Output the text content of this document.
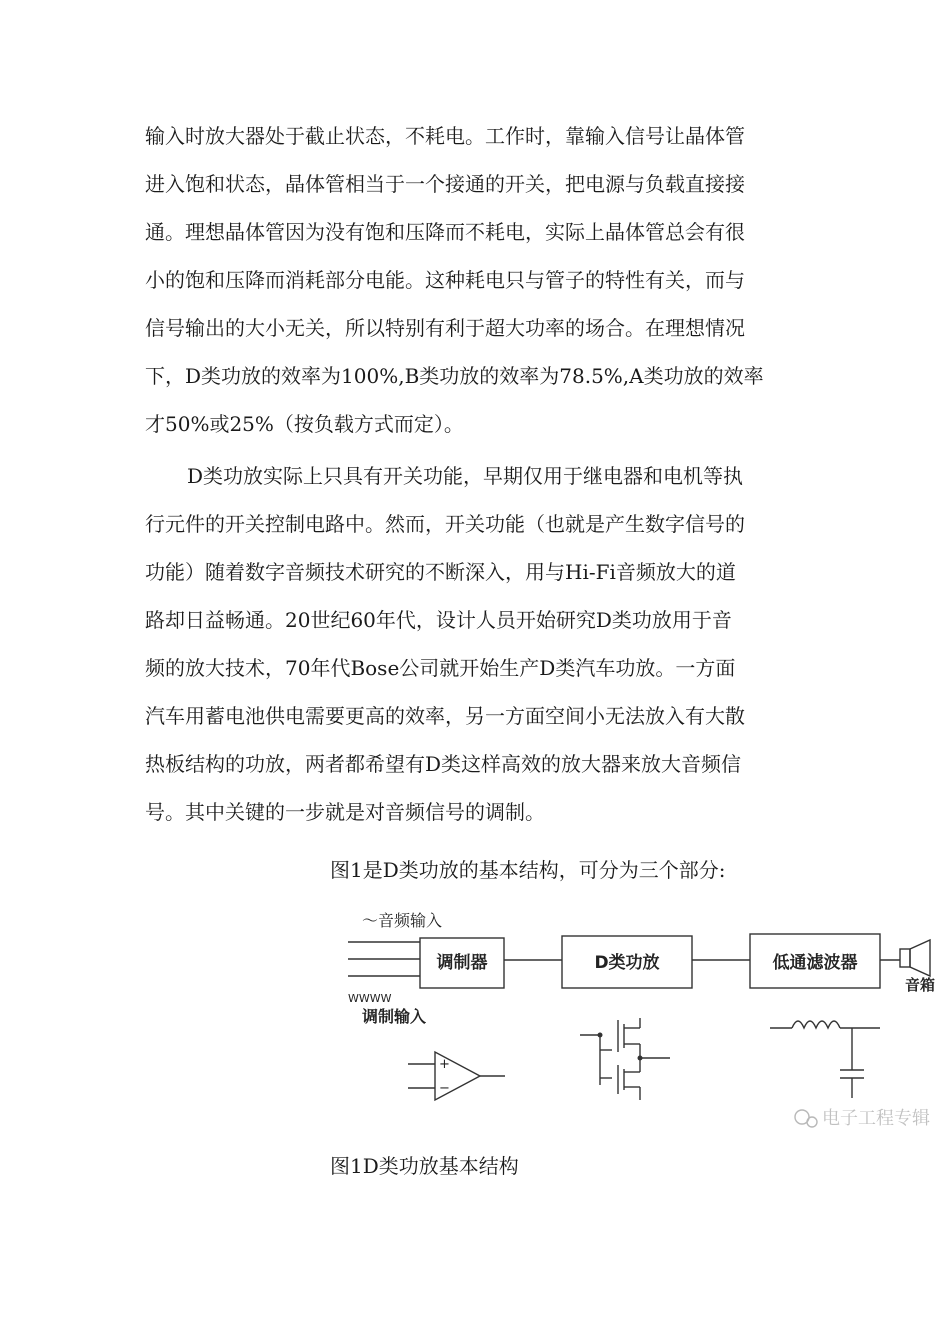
输入时放大器处于截止状态，不耗电。工作时，靠输入信号让晶体管
进入饱和状态，晶体管相当于一个接通的开关，把电源与负载直接接
通。理想晶体管因为没有饱和压降而不耗电，实际上晶体管总会有很
小的饱和压降而消耗部分电能。这种耗电只与管子的特性有关，而与
信号输出的大小无关，所以特别有利于超大功率的场合。在理想情况
下，D类功放的效率为100%,B类功放的效率为78.5%,A类功放的效率
才50%或25%（按负载方式而定）。
D类功放实际上只具有开关功能，早期仅用于继电器和电机等执
行元件的开关控制电路中。然而，开关功能（也就是产生数字信号的
功能）随着数字音频技术研究的不断深入，用与Hi-Fi音频放大的道
路却日益畅通。20世纪60年代，设计人员开始研究D类功放用于音
频的放大技术，70年代Bose公司就开始生产D类汽车功放。一方面
汽车用蓄电池供电需要更高的效率，另一方面空间小无法放入有大散
热板结构的功放，两者都希望有D类这样高效的放大器来放大音频信
号。其中关键的一步就是对音频信号的调制。
图1是D类功放的基本结构，可分为三个部分:
～音频输入
调制器	D类功放	低通滤波器
音箱
WWWW
调制输入
+
−
电子工程专辑
图1D类功放基本结构
